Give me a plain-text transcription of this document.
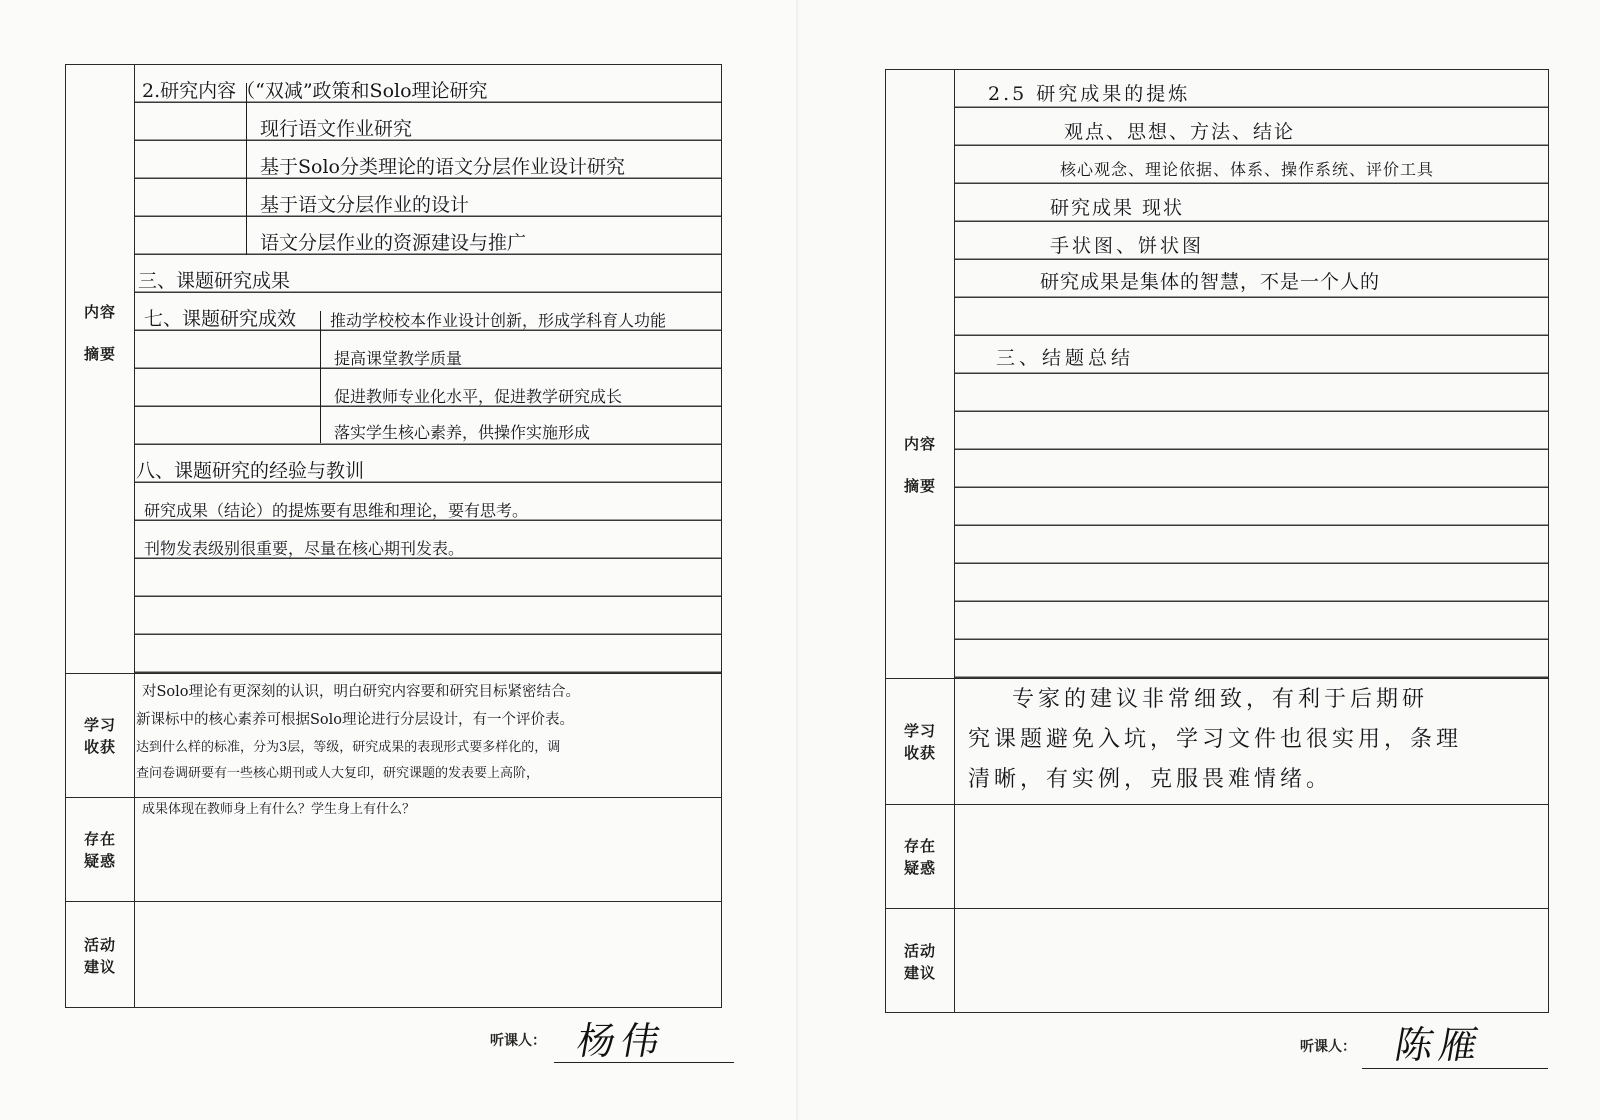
内容
摘要
2.研究内容（“双减”政策和Solo理论研究
现行语文作业研究
基于Solo分类理论的语文分层作业设计研究
基于语文分层作业的设计
语文分层作业的资源建设与推广
三、课题研究成果
七、课题研究成效 推动学校校本作业设计创新，形成学科育人功能
提高课堂教学质量
促进教师专业化水平，促进教学研究成长
落实学生核心素养，供操作实施形成
八、课题研究的经验与教训
研究成果（结论）的提炼要有思维和理论，要有思考。
刊物发表级别很重要，尽量在核心期刊发表。
学习
收获
对Solo理论有更深刻的认识，明白研究内容要和研究目标紧密结合。
新课标中的核心素养可根据Solo理论进行分层设计，有一个评价表。
达到什么样的标准，分为3层，等级，研究成果的表现形式要多样化的，调
查问卷调研要有一些核心期刊或人大复印，研究课题的发表要上高阶，
存在
疑惑
成果体现在教师身上有什么？学生身上有什么？
活动
建议
听课人： 杨伟
内容
摘要
2.5 研究成果的提炼
观点、思想、方法、结论
核心观念、理论依据、体系、操作系统、评价工具
研究成果 现状
手状图、饼状图
研究成果是集体的智慧，不是一个人的
三、结题总结
学习
收获
专家的建议非常细致，有利于后期研
究课题避免入坑，学习文件也很实用，条理
清晰，有实例，克服畏难情绪。
存在
疑惑
活动
建议
听课人： 陈雁
